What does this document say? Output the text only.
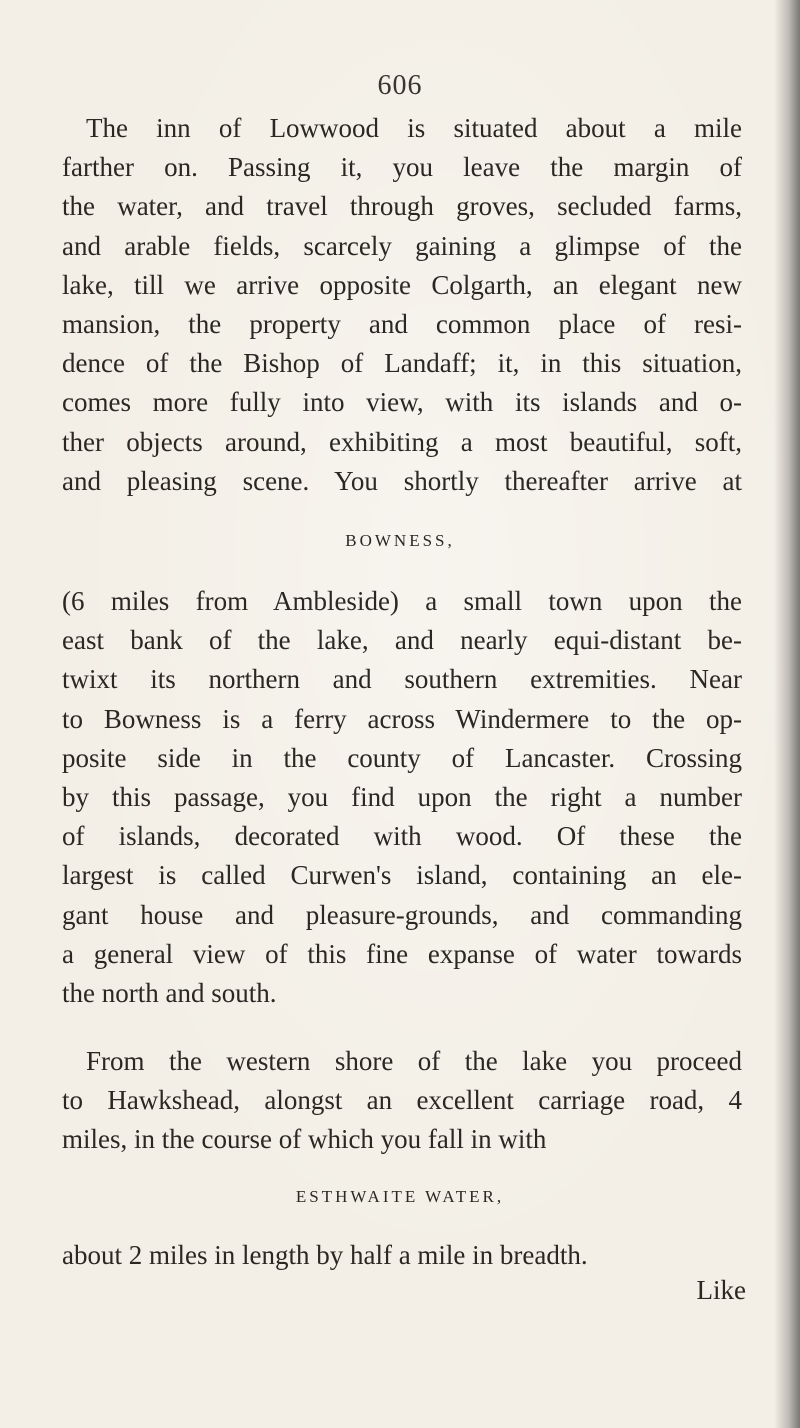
606
The inn of Lowwood is situated about a mile
farther on. Passing it, you leave the margin of
the water, and travel through groves, secluded farms,
and arable fields, scarcely gaining a glimpse of the
lake, till we arrive opposite Colgarth, an elegant new
mansion, the property and common place of resi-
dence of the Bishop of Landaff; it, in this situation,
comes more fully into view, with its islands and o-
ther objects around, exhibiting a most beautiful, soft,
and pleasing scene. You shortly thereafter arrive at
BOWNESS,
(6 miles from Ambleside) a small town upon the
east bank of the lake, and nearly equi-distant be-
twixt its northern and southern extremities. Near
to Bowness is a ferry across Windermere to the op-
posite side in the county of Lancaster. Crossing
by this passage, you find upon the right a number
of islands, decorated with wood. Of these the
largest is called Curwen's island, containing an ele-
gant house and pleasure-grounds, and commanding
a general view of this fine expanse of water towards
the north and south.
From the western shore of the lake you proceed
to Hawkshead, alongst an excellent carriage road, 4
miles, in the course of which you fall in with
ESTHWAITE WATER,
about 2 miles in length by half a mile in breadth.
Like
